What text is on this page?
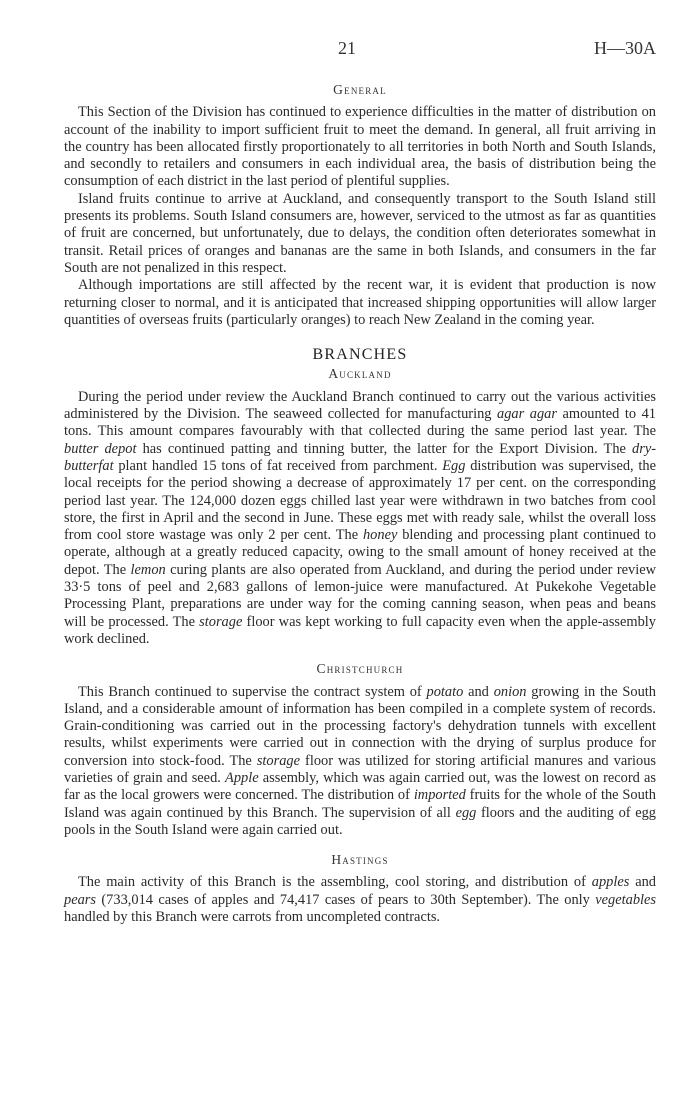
21	H—30A
General

This Section of the Division has continued to experience difficulties in the matter of distribution on account of the inability to import sufficient fruit to meet the demand. In general, all fruit arriving in the country has been allocated firstly proportionately to all territories in both North and South Islands, and secondly to retailers and consumers in each individual area, the basis of distribution being the consumption of each district in the last period of plentiful supplies.

Island fruits continue to arrive at Auckland, and consequently transport to the South Island still presents its problems. South Island consumers are, however, serviced to the utmost as far as quantities of fruit are concerned, but unfortunately, due to delays, the condition often deteriorates somewhat in transit. Retail prices of oranges and bananas are the same in both Islands, and consumers in the far South are not penalized in this respect.

Although importations are still affected by the recent war, it is evident that production is now returning closer to normal, and it is anticipated that increased shipping opportunities will allow larger quantities of overseas fruits (particularly oranges) to reach New Zealand in the coming year.

BRANCHES
Auckland

During the period under review the Auckland Branch continued to carry out the various activities administered by the Division. The seaweed collected for manufacturing agar agar amounted to 41 tons. This amount compares favourably with that collected during the same period last year. The butter depot has continued patting and tinning butter, the latter for the Export Division. The dry-butterfat plant handled 15 tons of fat received from parchment. Egg distribution was supervised, the local receipts for the period showing a decrease of approximately 17 per cent. on the corresponding period last year. The 124,000 dozen eggs chilled last year were withdrawn in two batches from cool store, the first in April and the second in June. These eggs met with ready sale, whilst the overall loss from cool store wastage was only 2 per cent. The honey blending and processing plant continued to operate, although at a greatly reduced capacity, owing to the small amount of honey received at the depot. The lemon curing plants are also operated from Auckland, and during the period under review 33·5 tons of peel and 2,683 gallons of lemon-juice were manufactured. At Pukekohe Vegetable Processing Plant, preparations are under way for the coming canning season, when peas and beans will be processed. The storage floor was kept working to full capacity even when the apple-assembly work declined.

Christchurch

This Branch continued to supervise the contract system of potato and onion growing in the South Island, and a considerable amount of information has been compiled in a complete system of records. Grain-conditioning was carried out in the processing factory's dehydration tunnels with excellent results, whilst experiments were carried out in connection with the drying of surplus produce for conversion into stock-food. The storage floor was utilized for storing artificial manures and various varieties of grain and seed. Apple assembly, which was again carried out, was the lowest on record as far as the local growers were concerned. The distribution of imported fruits for the whole of the South Island was again continued by this Branch. The supervision of all egg floors and the auditing of egg pools in the South Island were again carried out.

Hastings

The main activity of this Branch is the assembling, cool storing, and distribution of apples and pears (733,014 cases of apples and 74,417 cases of pears to 30th September). The only vegetables handled by this Branch were carrots from uncompleted contracts.
